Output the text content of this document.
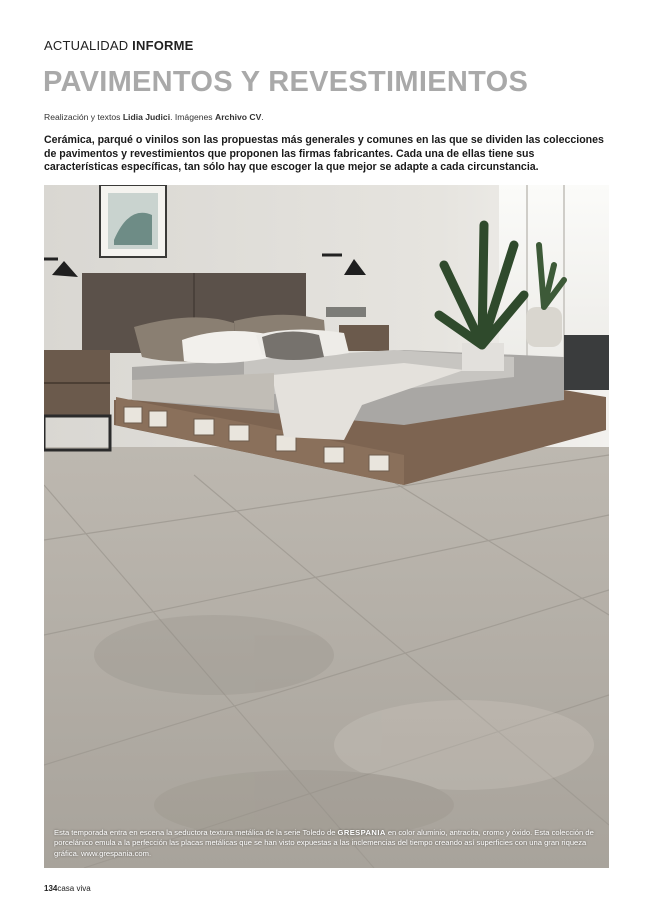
ACTUALIDAD INFORME
PAVIMENTOS Y REVESTIMIENTOS
Realización y textos Lidia Judici. Imágenes Archivo CV.
Cerámica, parqué o vinilos son las propuestas más generales y comunes en las que se dividen las colecciones de pavimentos y revestimientos que proponen las firmas fabricantes. Cada una de ellas tiene sus características específicas, tan sólo hay que escoger la que mejor se adapte a cada circunstancia.
Esta temporada entra en escena la seductora textura metálica de la serie Toledo de GRESPANIA en color aluminio, antracita, cromo y óxido. Esta colección de porcelánico emula a la perfección las placas metálicas que se han visto expuestas a las inclemencias del tiempo creando así superficies con una gran riqueza gráfica. www.grespania.com.
134casa viva
